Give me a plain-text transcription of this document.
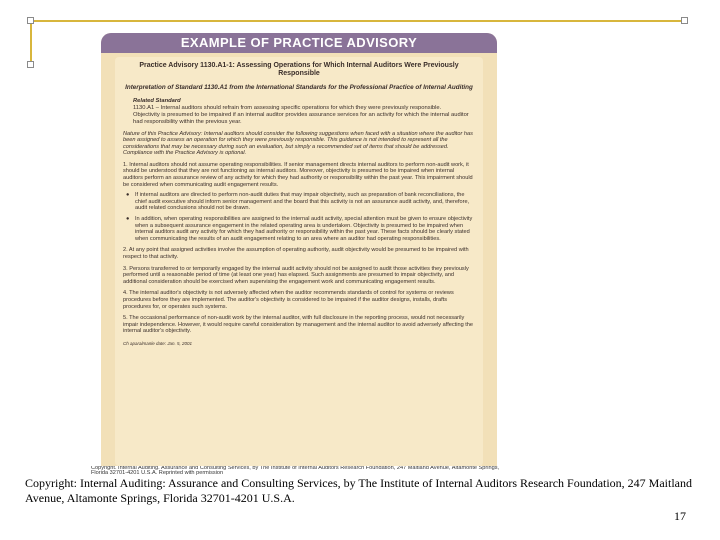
EXAMPLE OF PRACTICE ADVISORY
Practice Advisory 1130.A1-1: Assessing Operations for Which Internal Auditors Were Previously Responsible
Interpretation of Standard 1130.A1 from the International Standards for the Professional Practice of Internal Auditing
Related Standard
1130.A1 – Internal auditors should refrain from assessing specific operations for which they were previously responsible. Objectivity is presumed to be impaired if an internal auditor provides assurance services for an activity for which the internal auditor had responsibility within the previous year.
Nature of this Practice Advisory: Internal auditors should consider the following suggestions when faced with a situation where the auditor has been assigned to assess an operation for which they were previously responsible. This guidance is not intended to represent all the considerations that may be necessary during such an evaluation, but simply a recommended set of items that should be addressed. Compliance with the Practice Advisory is optional.
1. Internal auditors should not assume operating responsibilities. If senior management directs internal auditors to perform non-audit work, it should be understood that they are not functioning as internal auditors. Moreover, objectivity is presumed to be impaired when internal auditors perform an assurance review of any activity for which they had authority or responsibility within the past year. This impairment should be considered when communicating audit engagement results.
● If internal auditors are directed to perform non-audit duties that may impair objectivity, such as preparation of bank reconciliations, the chief audit executive should inform senior management and the board that this activity is not an assurance audit activity, and, therefore, audit related conclusions should not be drawn.
● In addition, when operating responsibilities are assigned to the internal audit activity, special attention must be given to ensure objectivity when a subsequent assurance engagement in the related operating area is undertaken. Objectivity is presumed to be impaired when internal auditors audit any activity for which they had authority or responsibility within the past year. These facts should be clearly stated when communicating the results of an audit engagement relating to an area where an auditor had operating responsibilities.
2. At any point that assigned activities involve the assumption of operating authority, audit objectivity would be presumed to be impaired with respect to that activity.
3. Persons transferred to or temporarily engaged by the internal audit activity should not be assigned to audit those activities they previously performed until a reasonable period of time (at least one year) has elapsed. Such assignments are presumed to impair objectivity, and additional consideration should be exercised when supervising the engagement work and communicating engagement results.
4. The internal auditor's objectivity is not adversely affected when the auditor recommends standards of control for systems or reviews procedures before they are implemented. The auditor's objectivity is considered to be impaired if the auditor designs, installs, drafts procedures for, or operates such systems.
5. The occasional performance of non-audit work by the internal auditor, with full disclosure in the reporting process, would not necessarily impair independence. However, it would require careful consideration by management and the internal auditor to avoid adversely affecting the internal auditor's objectivity.
Ch aparalmanle date: Jan. 5, 2001
Copyright. Internal Auditing. Assurance and Consulting Services, by The Institute of Internal Auditors Research Foundation, 247 Maitland Avenue, Altamonte Springs, Florida 32701-4201 U.S.A. Reprinted with permission
Copyright: Internal Auditing: Assurance and Consulting Services, by The Institute of Internal Auditors Research Foundation, 247 Maitland Avenue, Altamonte Springs, Florida 32701-4201 U.S.A.
17
